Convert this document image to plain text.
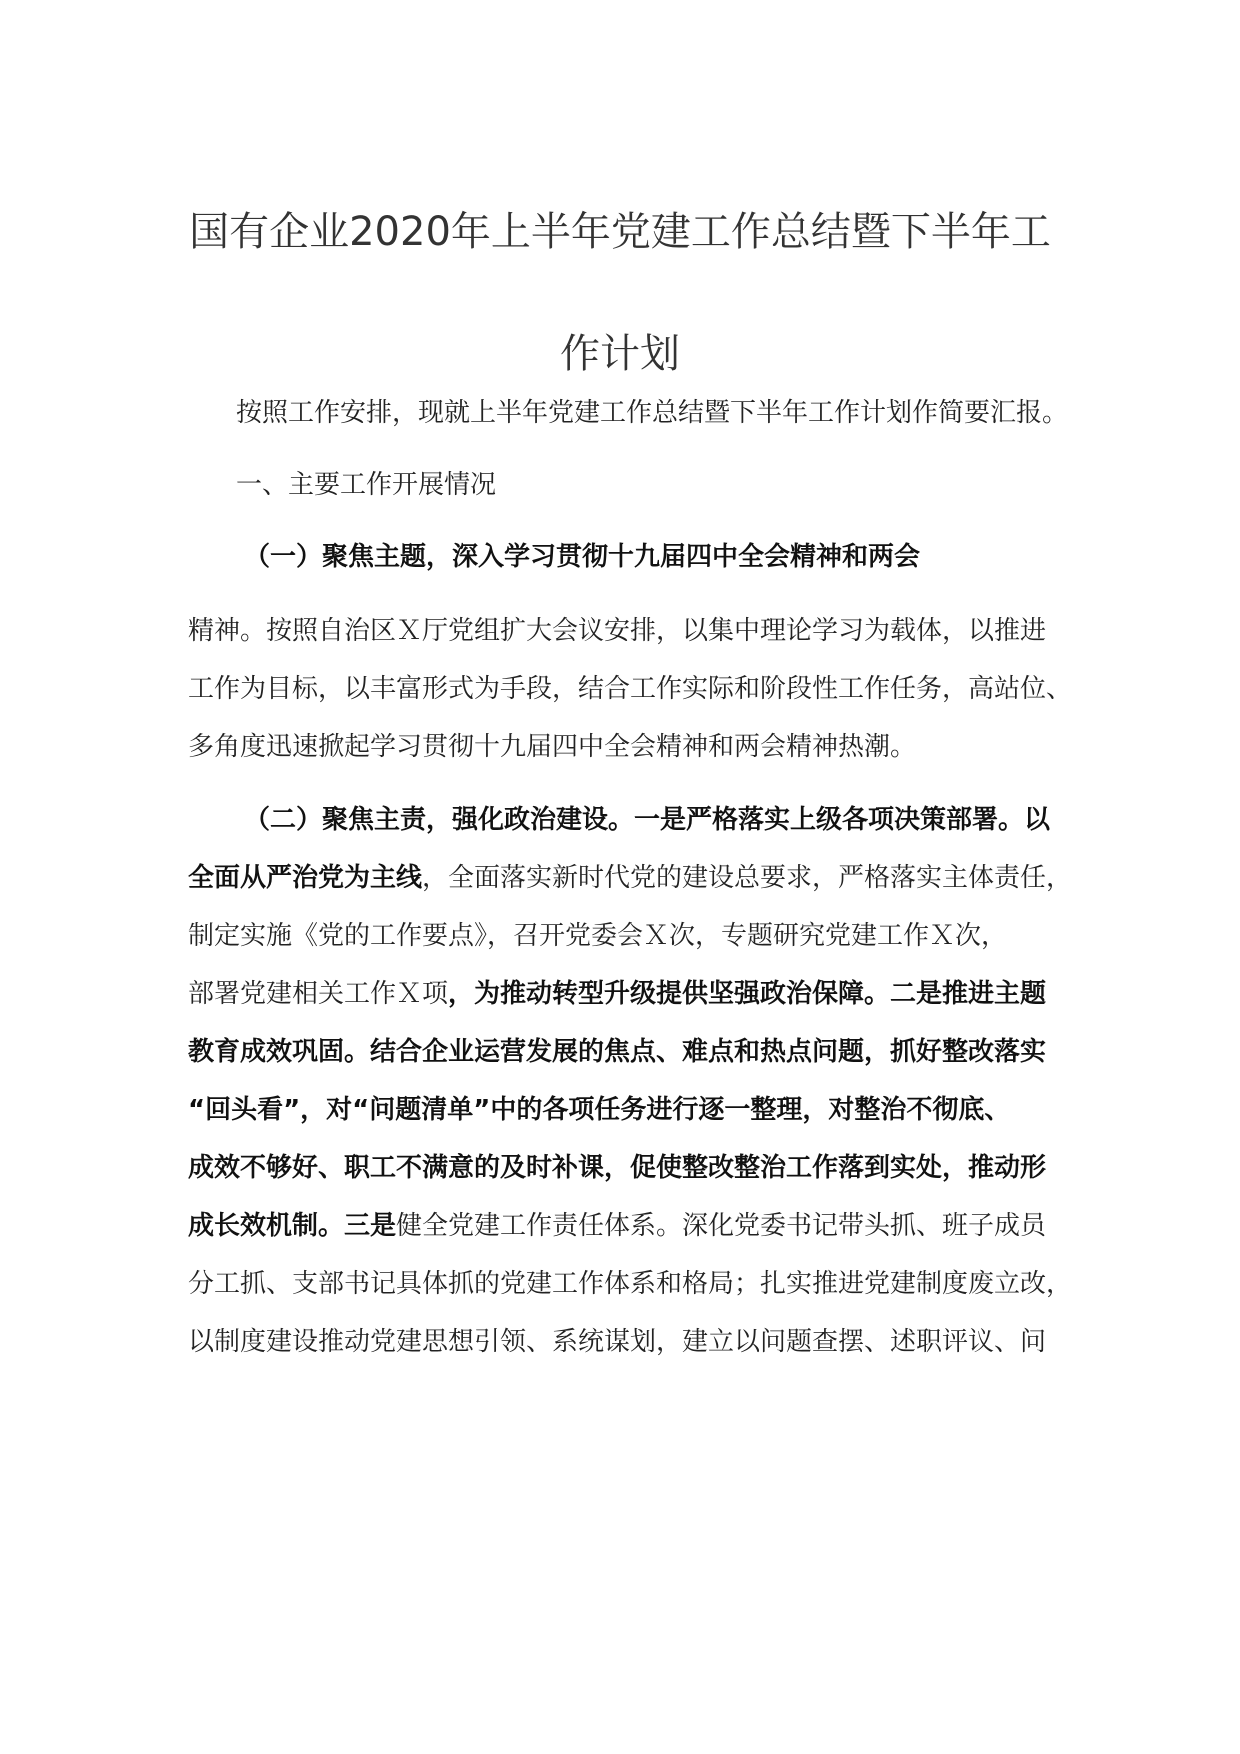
国有企业2020年上半年党建工作总结暨下半年工
作计划
按照工作安排，现就上半年党建工作总结暨下半年工作计划作简要汇报。
一、主要工作开展情况
（一）聚焦主题，深入学习贯彻十九届四中全会精神和两会
精神。按照自治区Ｘ厅党组扩大会议安排，以集中理论学习为载体，以推进
工作为目标，以丰富形式为手段，结合工作实际和阶段性工作任务，高站位、
多角度迅速掀起学习贯彻十九届四中全会精神和两会精神热潮。
（二）聚焦主责，强化政治建设。一是严格落实上级各项决策部署。以
全面从严治党为主线，全面落实新时代党的建设总要求，严格落实主体责任，
制定实施《党的工作要点》，召开党委会Ｘ次，专题研究党建工作Ｘ次，
部署党建相关工作Ｘ项，为推动转型升级提供坚强政治保障。二是推进主题
教育成效巩固。结合企业运营发展的焦点、难点和热点问题，抓好整改落实
“回头看”，对“问题清单”中的各项任务进行逐一整理，对整治不彻底、
成效不够好、职工不满意的及时补课，促使整改整治工作落到实处，推动形
成长效机制。三是健全党建工作责任体系。深化党委书记带头抓、班子成员
分工抓、支部书记具体抓的党建工作体系和格局；扎实推进党建制度废立改，
以制度建设推动党建思想引领、系统谋划，建立以问题查摆、述职评议、问
